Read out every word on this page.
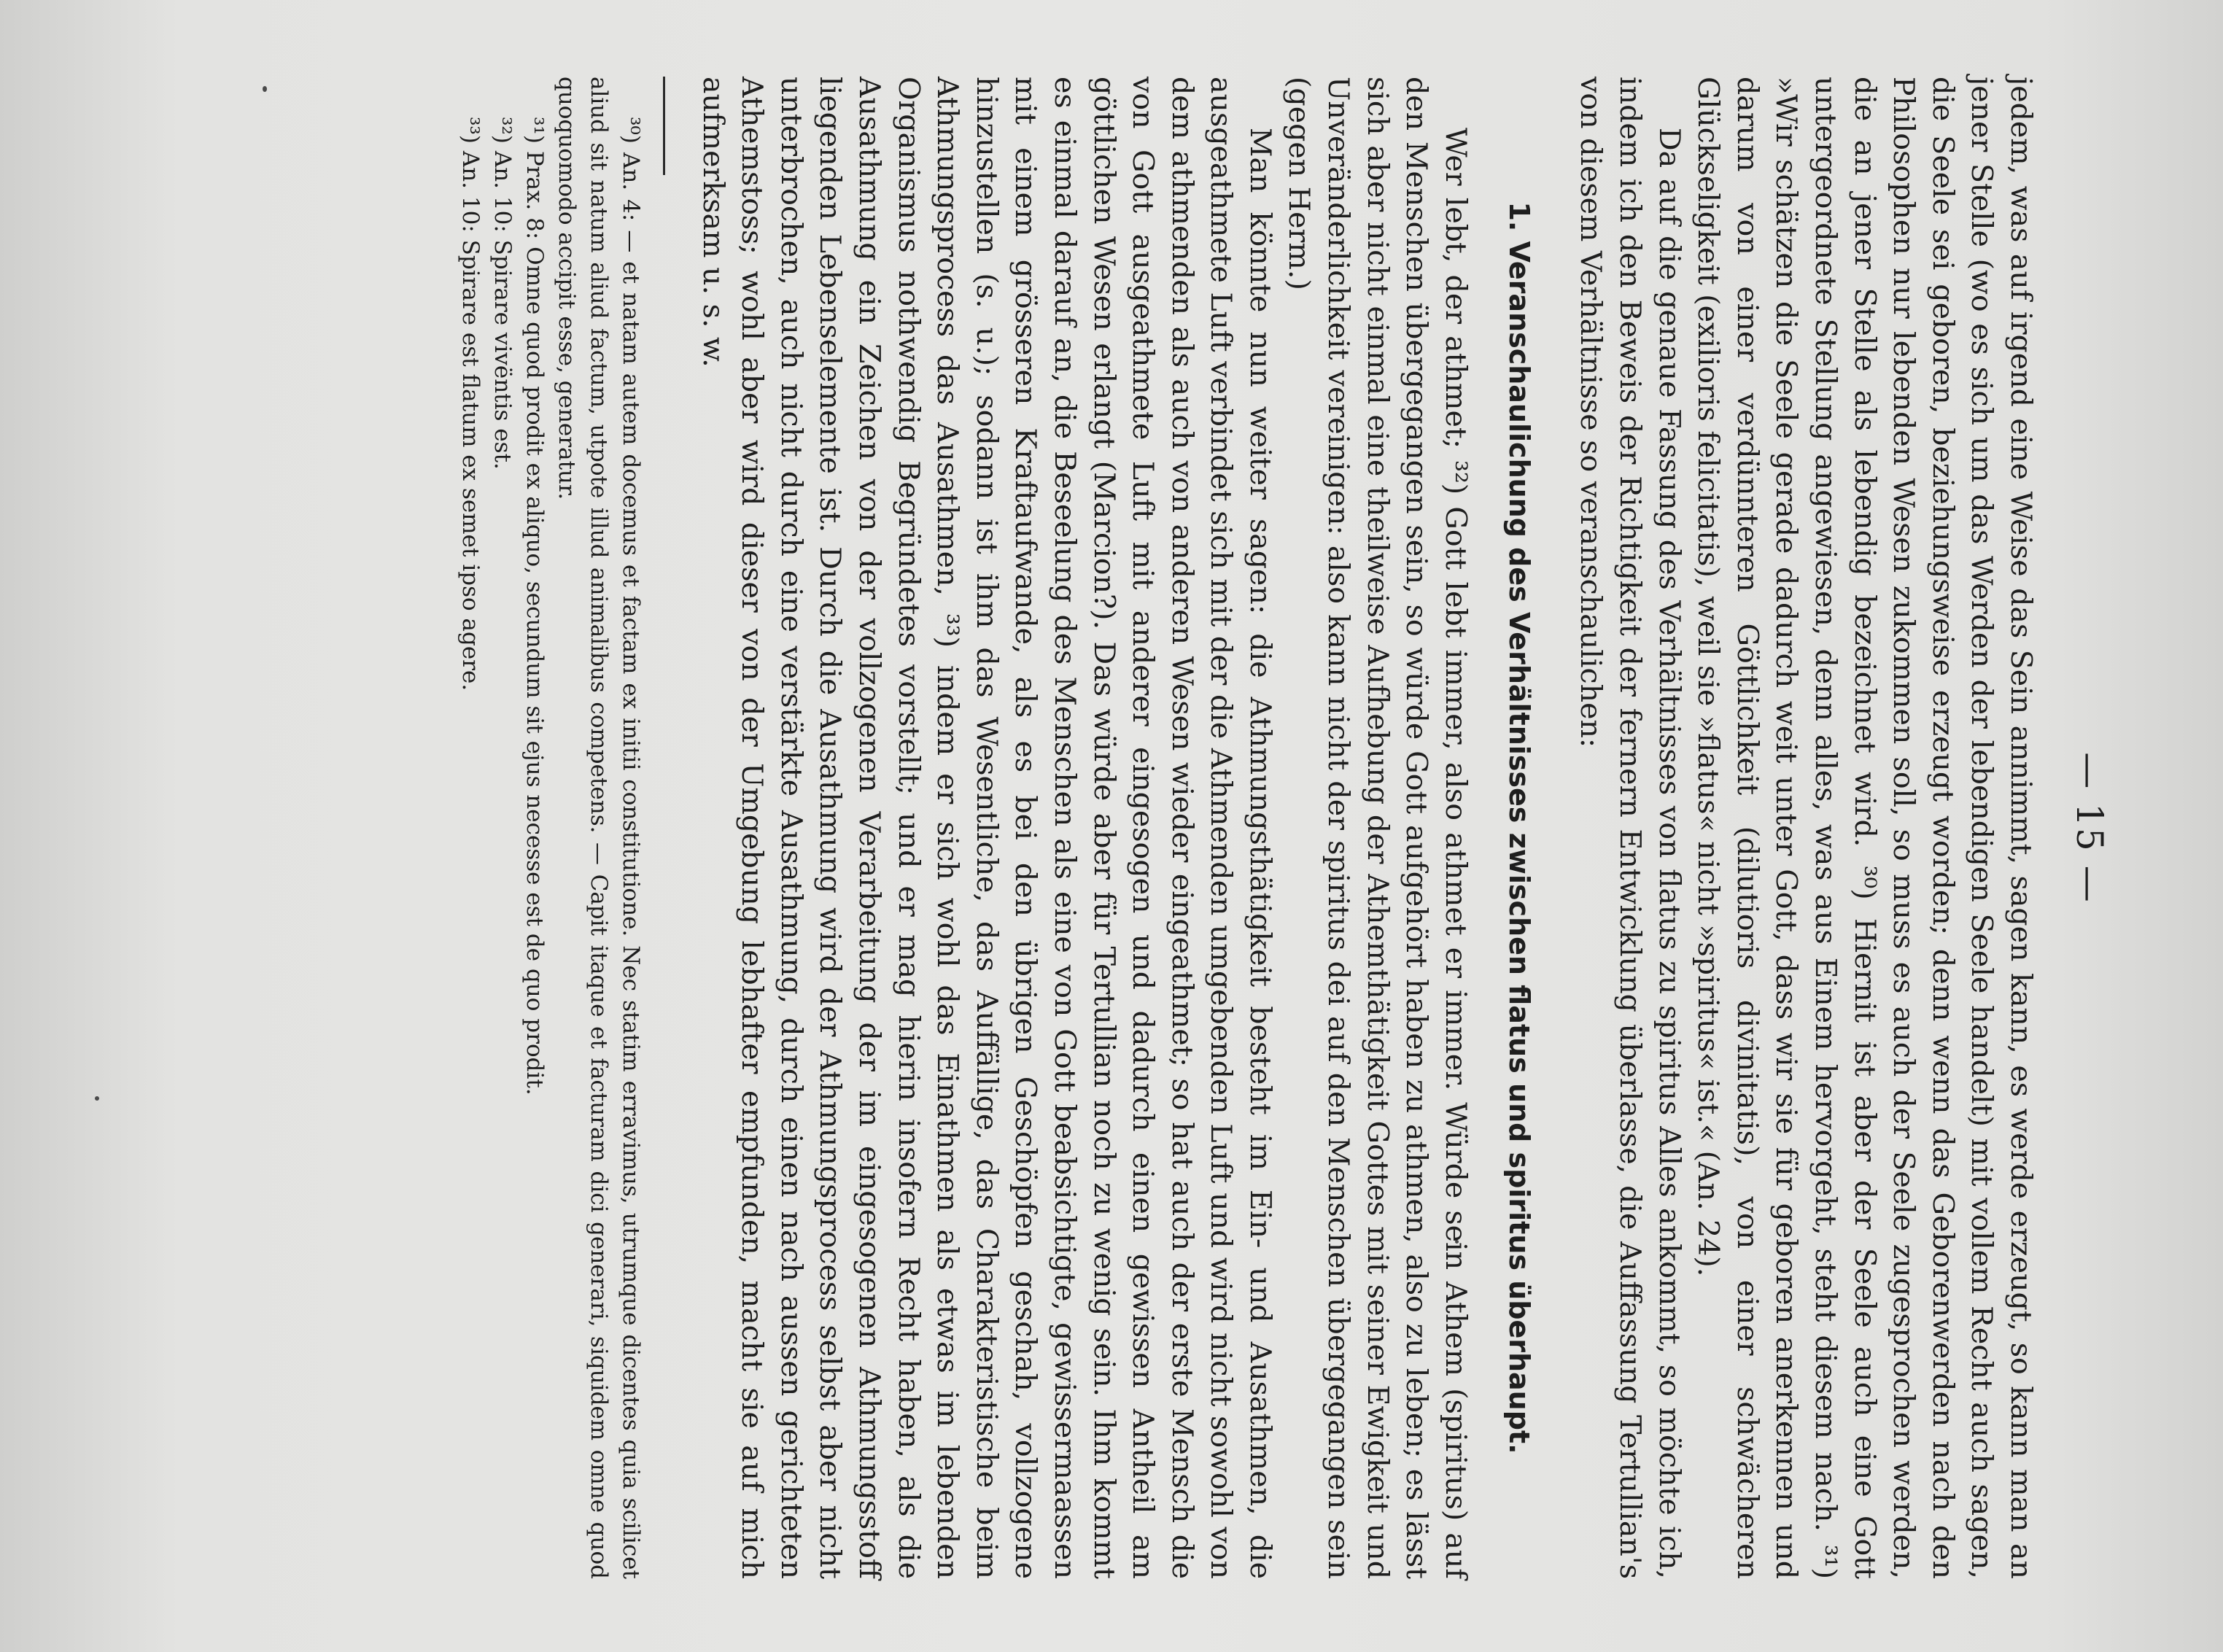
— 15 —

jedem, was auf irgend eine Weise das Sein annimmt, sagen kann, es werde erzeugt, so kann man an jener Stelle (wo es sich um das Werden der lebendigen Seele handelt) mit vollem Recht auch sagen, die Seele sei geboren, beziehungsweise erzeugt worden; denn wenn das Geborenwerden nach den Philosophen nur lebenden Wesen zukommen soll, so muss es auch der Seele zugesprochen werden, die an jener Stelle als lebendig bezeichnet wird. ³⁰) Hiernit ist aber der Seele auch eine Gott untergeordnete Stellung angewiesen, denn alles, was aus Einem hervorgeht, steht diesem nach. ³¹) »Wir schätzen die Seele gerade dadurch weit unter Gott, dass wir sie für geboren anerkennen und darum von einer verdünnteren Göttlichkeit (dilutioris divinitatis), von einer schwächeren Glückseligkeit (exilioris felicitatis), weil sie »flatus« nicht »spiritus« ist.« (An. 24).

Da auf die genaue Fassung des Verhältnisses von flatus zu spiritus Alles ankommt, so möchte ich, indem ich den Beweis der Richtigkeit der fernern Entwicklung überlasse, die Auffassung Tertullian's von diesem Verhältnisse so veranschaulichen:

1. Veranschaulichung des Verhältnisses zwischen flatus und spiritus überhaupt.

Wer lebt, der athmet; ³²) Gott lebt immer, also athmet er immer. Würde sein Athem (spiritus) auf den Menschen übergegangen sein, so würde Gott aufgehört haben zu athmen, also zu leben; es lässt sich aber nicht einmal eine theilweise Aufhebung der Athemthätigkeit Gottes mit seiner Ewigkeit und Unveränderlichkeit vereinigen: also kann nicht der spiritus dei auf den Menschen übergegangen sein (gegen Herm.)

Man könnte nun weiter sagen: die Athmungsthätigkeit besteht im Ein- und Ausathmen, die ausgeathmete Luft verbindet sich mit der die Athmenden umgebenden Luft und wird nicht sowohl von dem athmenden als auch von anderen Wesen wieder eingeathmet; so hat auch der erste Mensch die von Gott ausgeathmete Luft mit anderer eingesogen und dadurch einen gewissen Antheil am göttlichen Wesen erlangt (Marcion?). Das würde aber für Tertullian noch zu wenig sein. Ihm kommt es einmal darauf an, die Beseelung des Menschen als eine von Gott beabsichtigte, gewissermaassen mit einem grösseren Kraftaufwande, als es bei den übrigen Geschöpfen geschah, vollzogene hinzustellen (s. u.); sodann ist ihm das Wesentliche, das Auffällige, das Charakteristische beim Athmungsprocess das Ausathmen, ³³) indem er sich wohl das Einathmen als etwas im lebenden Organismus nothwendig Begründetes vorstellt; und er mag hierin insofern Recht haben, als die Ausathmung ein Zeichen von der vollzogenen Verarbeitung der im eingesogenen Athmungsstoff liegenden Lebenselemente ist. Durch die Ausathmung wird der Athmungsprocess selbst aber nicht unterbrochen, auch nicht durch eine verstärkte Ausathmung, durch einen nach aussen gerichteten Athemstoss; wohl aber wird dieser von der Umgebung lebhafter empfunden, macht sie auf mich aufmerksam u. s. w.

³⁰) An. 4: — et natam autem docemus et factam ex initii constitutione. Nec statim erravimus, utrumque dicentes quia scilicet aliud sit natum aliud factum, utpote illud animalibus competens. — Capit itaque et facturam dici generari, siquidem omne quod quoquomodo accipit esse, generatur.

³¹) Prax. 8: Omne quod prodit ex aliquo, secundum sit ejus necesse est de quo prodit.

³²) An. 10: Spirare vivëntis est.

³³) An. 10: Spirare est flatum ex semet ipso agere.
